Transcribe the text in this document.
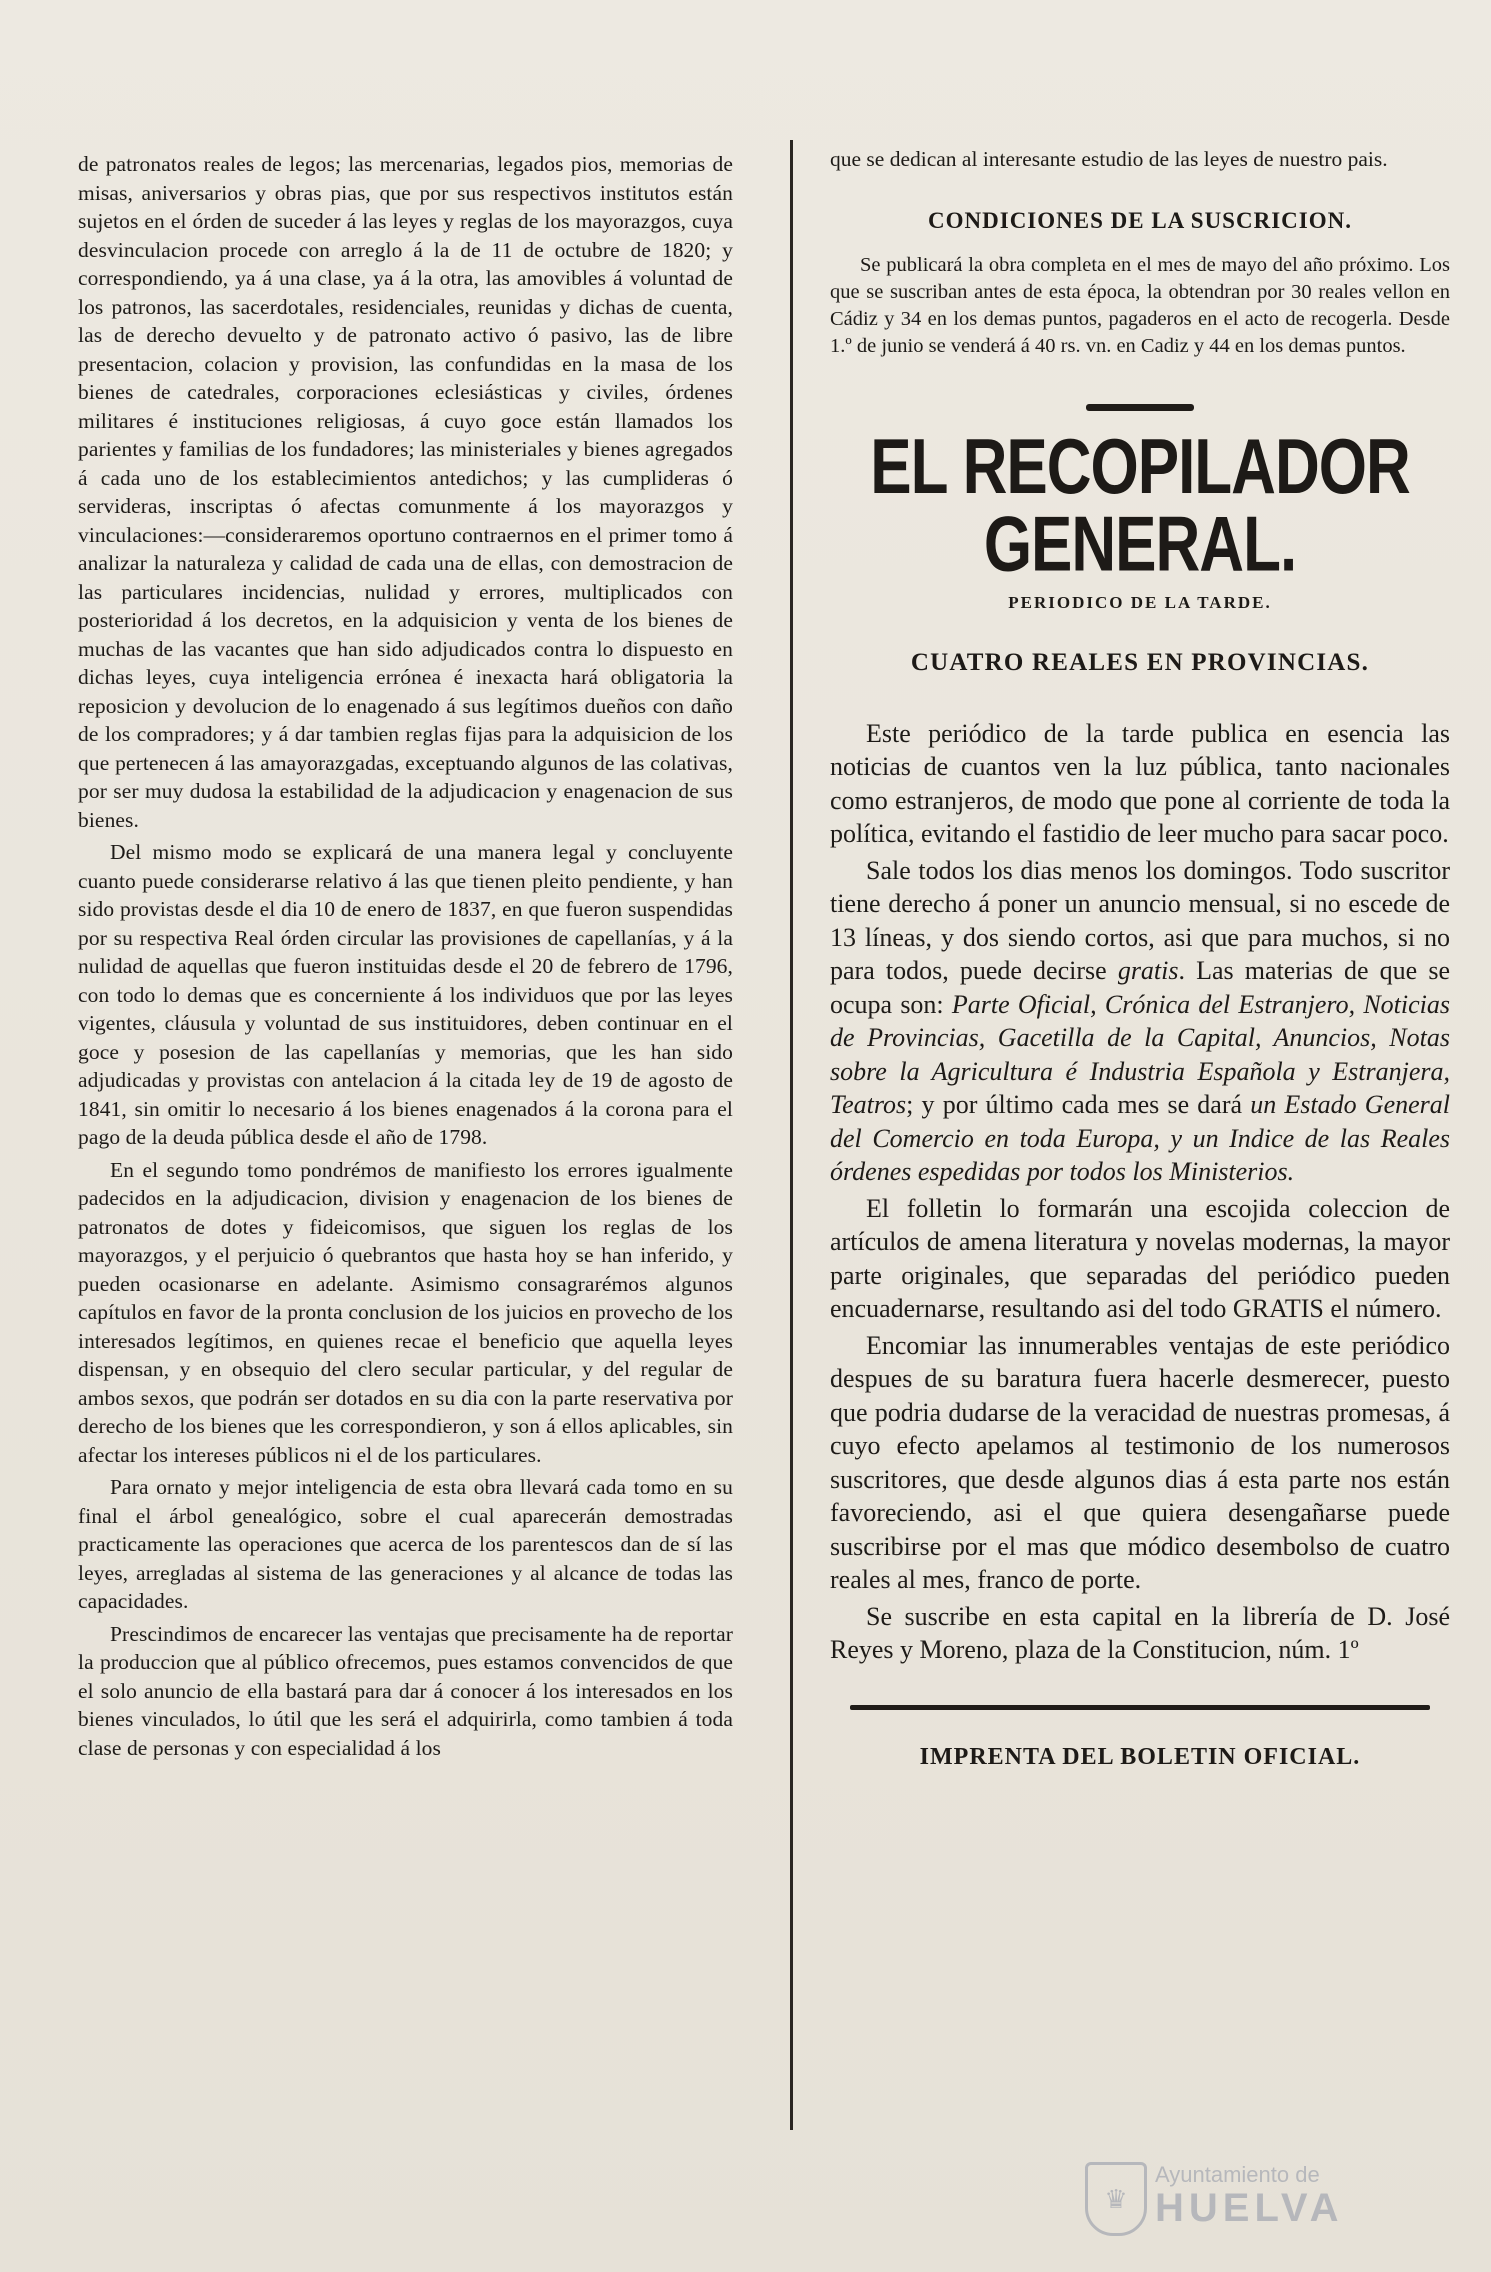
de patronatos reales de legos; las mercenarias, legados pios, memorias de misas, aniversarios y obras pias, que por sus respectivos institutos están sujetos en el órden de suceder á las leyes y reglas de los mayorazgos, cuya desvinculacion procede con arreglo á la de 11 de octubre de 1820; y correspondiendo, ya á una clase, ya á la otra, las amovibles á voluntad de los patronos, las sacerdotales, residenciales, reunidas y dichas de cuenta, las de derecho devuelto y de patronato activo ó pasivo, las de libre presentacion, colacion y provision, las confundidas en la masa de los bienes de catedrales, corporaciones eclesiásticas y civiles, órdenes militares é instituciones religiosas, á cuyo goce están llamados los parientes y familias de los fundadores; las ministeriales y bienes agregados á cada uno de los establecimientos antedichos; y las cumplideras ó servideras, inscriptas ó afectas comunmente á los mayorazgos y vinculaciones:—consideraremos oportuno contraernos en el primer tomo á analizar la naturaleza y calidad de cada una de ellas, con demostracion de las particulares incidencias, nulidad y errores, multiplicados con posterioridad á los decretos, en la adquisicion y venta de los bienes de muchas de las vacantes que han sido adjudicados contra lo dispuesto en dichas leyes, cuya inteligencia errónea é inexacta hará obligatoria la reposicion y devolucion de lo enagenado á sus legítimos dueños con daño de los compradores; y á dar tambien reglas fijas para la adquisicion de los que pertenecen á las amayorazgadas, exceptuando algunos de las colativas, por ser muy dudosa la estabilidad de la adjudicacion y enagenacion de sus bienes.

Del mismo modo se explicará de una manera legal y concluyente cuanto puede considerarse relativo á las que tienen pleito pendiente, y han sido provistas desde el dia 10 de enero de 1837, en que fueron suspendidas por su respectiva Real órden circular las provisiones de capellanías, y á la nulidad de aquellas que fueron instituidas desde el 20 de febrero de 1796, con todo lo demas que es concerniente á los individuos que por las leyes vigentes, cláusula y voluntad de sus instituidores, deben continuar en el goce y posesion de las capellanías y memorias, que les han sido adjudicadas y provistas con antelacion á la citada ley de 19 de agosto de 1841, sin omitir lo necesario á los bienes enagenados á la corona para el pago de la deuda pública desde el año de 1798.

En el segundo tomo pondrémos de manifiesto los errores igualmente padecidos en la adjudicacion, division y enagenacion de los bienes de patronatos de dotes y fideicomisos, que siguen los reglas de los mayorazgos, y el perjuicio ó quebrantos que hasta hoy se han inferido, y pueden ocasionarse en adelante. Asimismo consagrarémos algunos capítulos en favor de la pronta conclusion de los juicios en provecho de los interesados legítimos, en quienes recae el beneficio que aquella leyes dispensan, y en obsequio del clero secular particular, y del regular de ambos sexos, que podrán ser dotados en su dia con la parte reservativa por derecho de los bienes que les correspondieron, y son á ellos aplicables, sin afectar los intereses públicos ni el de los particulares.

Para ornato y mejor inteligencia de esta obra llevará cada tomo en su final el árbol genealógico, sobre el cual aparecerán demostradas practicamente las operaciones que acerca de los parentescos dan de sí las leyes, arregladas al sistema de las generaciones y al alcance de todas las capacidades.

Prescindimos de encarecer las ventajas que precisamente ha de reportar la produccion que al público ofrecemos, pues estamos convencidos de que el solo anuncio de ella bastará para dar á conocer á los interesados en los bienes vinculados, lo útil que les será el adquirirla, como tambien á toda clase de personas y con especialidad á los

que se dedican al interesante estudio de las leyes de nuestro pais.

CONDICIONES DE LA SUSCRICION.

Se publicará la obra completa en el mes de mayo del año próximo. Los que se suscriban antes de esta época, la obtendran por 30 reales vellon en Cádiz y 34 en los demas puntos, pagaderos en el acto de recogerla. Desde 1.º de junio se venderá á 40 rs. vn. en Cadiz y 44 en los demas puntos.

EL RECOPILADOR GENERAL.
PERIODICO DE LA TARDE.
CUATRO REALES EN PROVINCIAS.

Este periódico de la tarde publica en esencia las noticias de cuantos ven la luz pública, tanto nacionales como estranjeros, de modo que pone al corriente de toda la política, evitando el fastidio de leer mucho para sacar poco.

Sale todos los dias menos los domingos. Todo suscritor tiene derecho á poner un anuncio mensual, si no escede de 13 líneas, y dos siendo cortos, asi que para muchos, si no para todos, puede decirse gratis. Las materias de que se ocupa son: Parte Oficial, Crónica del Estranjero, Noticias de Provincias, Gacetilla de la Capital, Anuncios, Notas sobre la Agricultura é Industria Española y Estranjera, Teatros; y por último cada mes se dará un Estado General del Comercio en toda Europa, y un Indice de las Reales órdenes espedidas por todos los Ministerios.

El folletin lo formarán una escojida coleccion de artículos de amena literatura y novelas modernas, la mayor parte originales, que separadas del periódico pueden encuadernarse, resultando asi del todo GRATIS el número.

Encomiar las innumerables ventajas de este periódico despues de su baratura fuera hacerle desmerecer, puesto que podria dudarse de la veracidad de nuestras promesas, á cuyo efecto apelamos al testimonio de los numerosos suscritores, que desde algunos dias á esta parte nos están favoreciendo, asi el que quiera desengañarse puede suscribirse por el mas que módico desembolso de cuatro reales al mes, franco de porte.

Se suscribe en esta capital en la librería de D. José Reyes y Moreno, plaza de la Constitucion, núm. 1º

IMPRENTA DEL BOLETIN OFICIAL.
♛
Ayuntamiento de
HUELVA
